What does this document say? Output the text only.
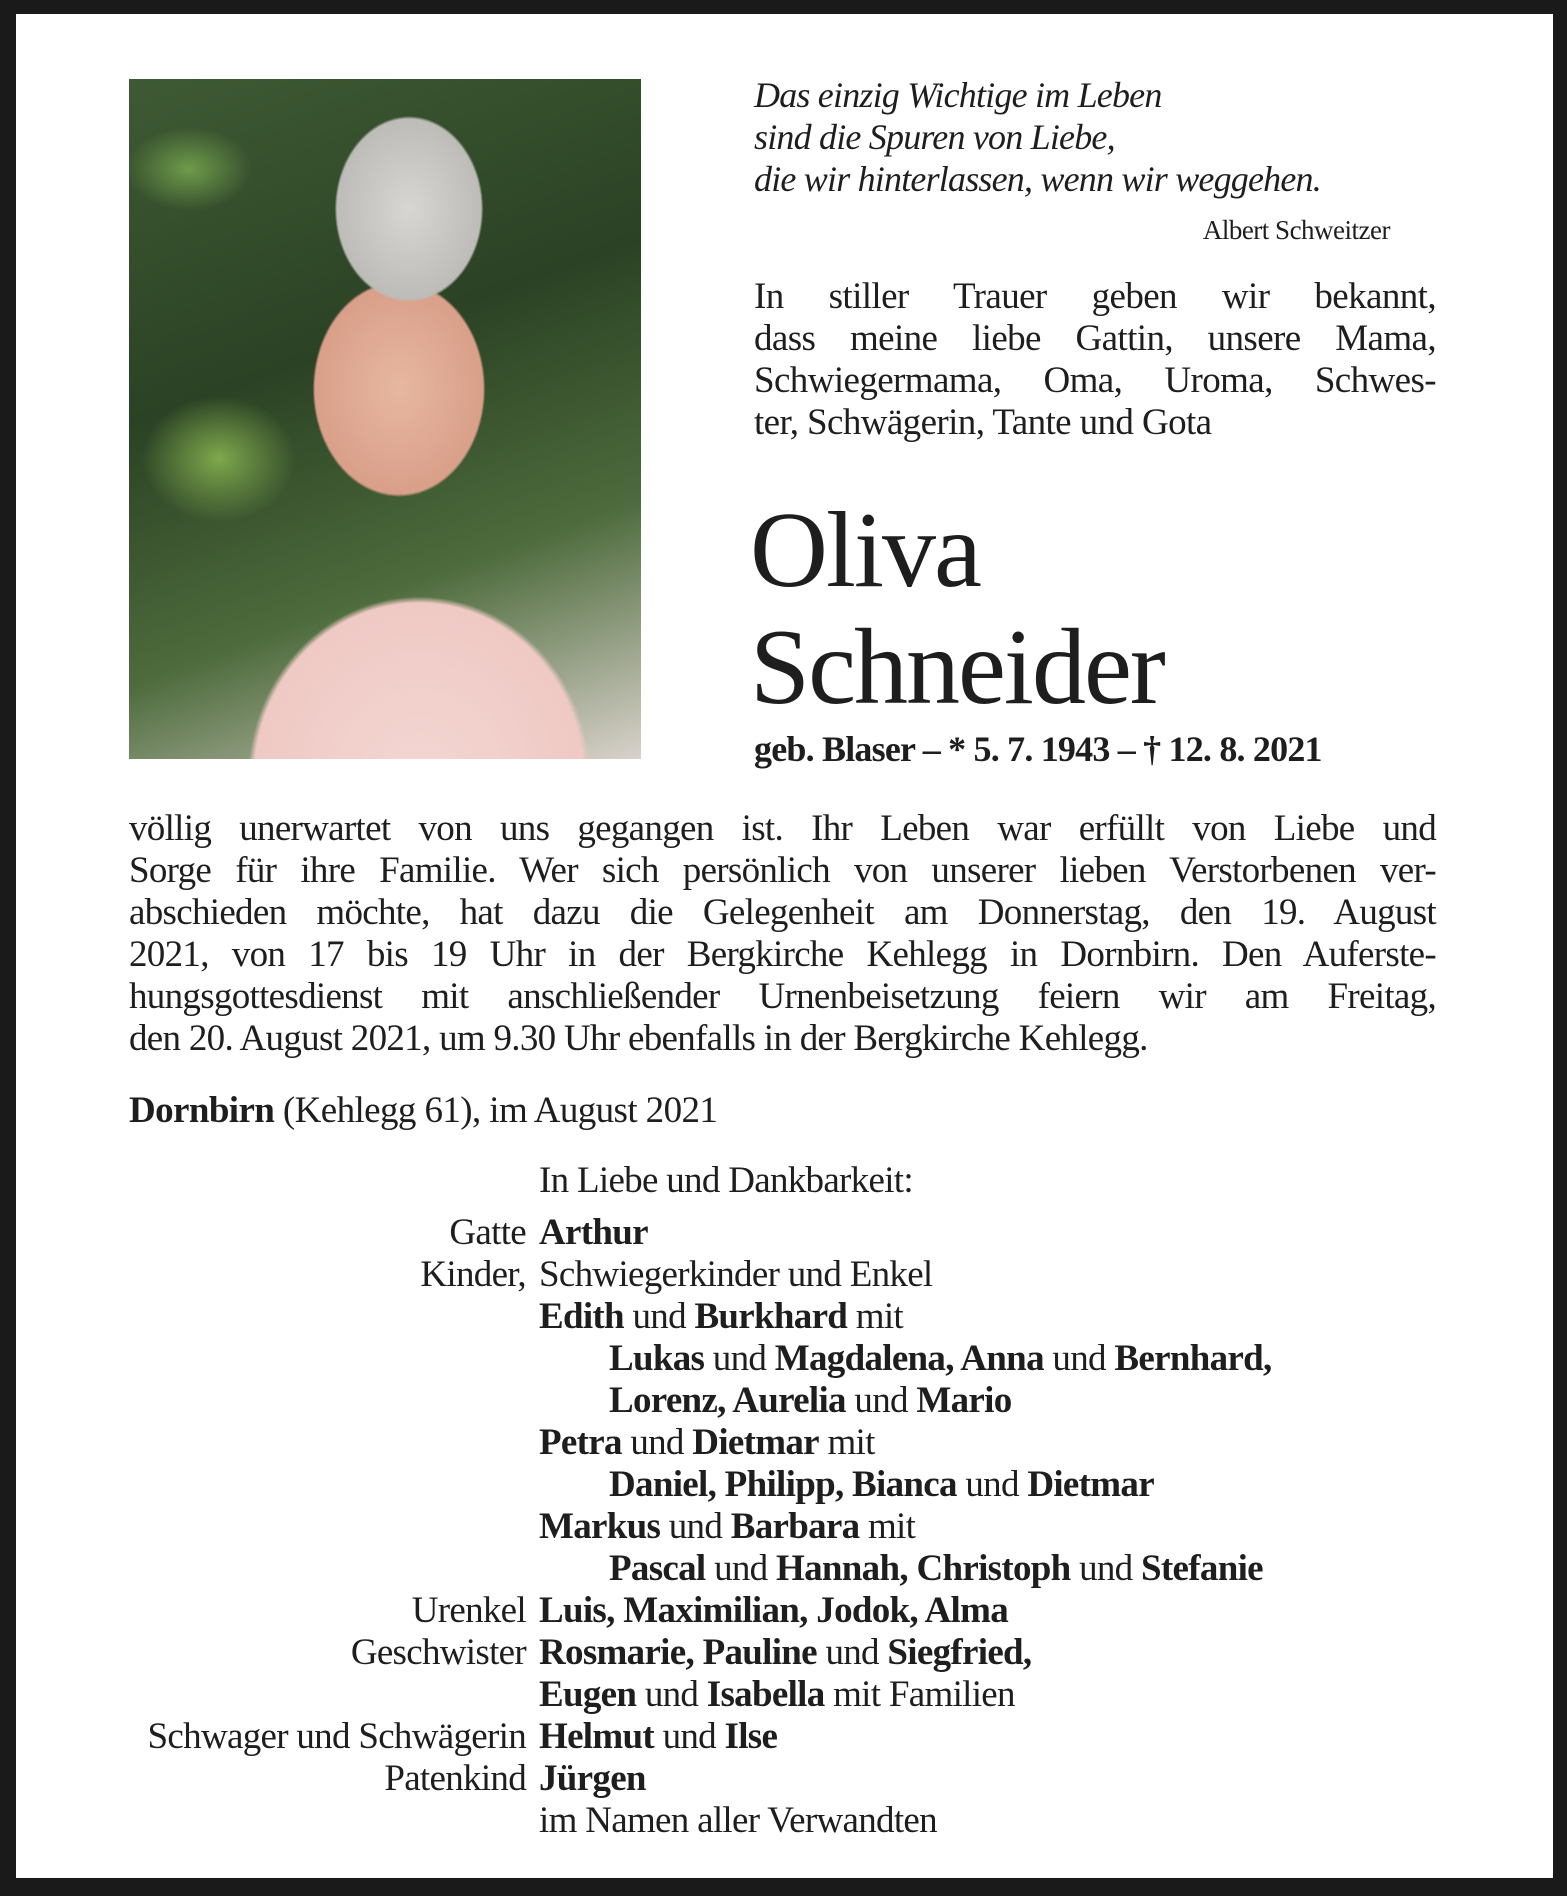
Das einzig Wichtige im Leben
sind die Spuren von Liebe,
die wir hinterlassen, wenn wir weggehen.
Albert Schweitzer
In stiller Trauer geben wir bekannt,
dass meine liebe Gattin, unsere Mama,
Schwiegermama, Oma, Uroma, Schwes-
ter, Schwägerin, Tante und Gota
Oliva
Schneider
geb. Blaser – * 5. 7. 1943 – † 12. 8. 2021
völlig unerwartet von uns gegangen ist. Ihr Leben war erfüllt von Liebe und
Sorge für ihre Familie. Wer sich persönlich von unserer lieben Verstorbenen ver-
abschieden möchte, hat dazu die Gelegenheit am Donnerstag, den 19. August
2021, von 17 bis 19 Uhr in der Bergkirche Kehlegg in Dornbirn. Den Auferste-
hungsgottesdienst mit anschließender Urnenbeisetzung feiern wir am Freitag,
den 20. August 2021, um 9.30 Uhr ebenfalls in der Bergkirche Kehlegg.
Dornbirn (Kehlegg 61), im August 2021
In Liebe und Dankbarkeit:
Gatte Arthur
Kinder, Schwiegerkinder und Enkel
Edith und Burkhard mit
Lukas und Magdalena, Anna und Bernhard,
Lorenz, Aurelia und Mario
Petra und Dietmar mit
Daniel, Philipp, Bianca und Dietmar
Markus und Barbara mit
Pascal und Hannah, Christoph und Stefanie
Urenkel Luis, Maximilian, Jodok, Alma
Geschwister Rosmarie, Pauline und Siegfried,
Eugen und Isabella mit Familien
Schwager und Schwägerin Helmut und Ilse
Patenkind Jürgen
im Namen aller Verwandten
